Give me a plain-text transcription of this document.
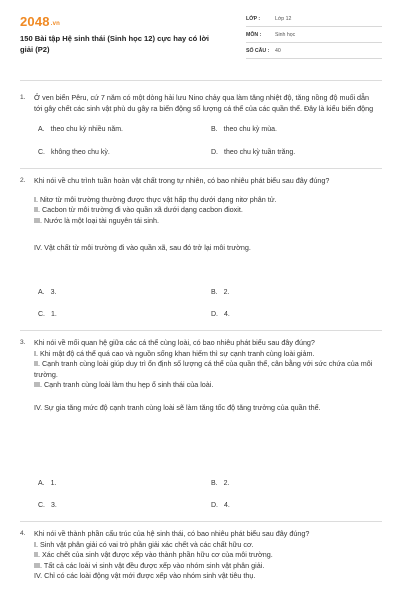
2048.vn
150 Bài tập Hệ sinh thái (Sinh học 12) cực hay có lời giải (P2)
LỚP :	Lớp 12
MÔN :	Sinh học
SỐ CÂU : 40
1. Ở ven biển Pêru, cứ 7 năm có một dòng hải lưu Nino chảy qua làm tăng nhiệt độ, tăng nồng độ muối dẫn tới gây chết các sinh vật phù du gây ra biến động số lượng cá thể của các quần thể. Đây là kiểu biến động
A. theo chu kỳ nhiều năm.	B. theo chu kỳ mùa.
C. không theo chu kỳ.	D. theo chu kỳ tuần trăng.
2. Khi nói về chu trình tuần hoàn vật chất trong tự nhiên, có bao nhiêu phát biểu sau đây đúng?
I. Nitơ từ môi trường thường được thực vật hấp thụ dưới dạng nitơ phân tử.
II. Cacbon từ môi trường đi vào quần xã dưới dạng cacbon đioxit.
III. Nước là một loại tài nguyên tái sinh.
IV. Vật chất từ môi trường đi vào quần xã, sau đó trở lại môi trường.
A. 3.	B. 2.
C. 1.	D. 4.
3. Khi nói về mối quan hệ giữa các cá thể cùng loài, có bao nhiêu phát biểu sau đây đúng?
I. Khi mật độ cá thể quá cao và nguồn sống khan hiếm thì sự cạnh tranh cùng loài giảm.
II. Cạnh tranh cùng loài giúp duy trì ổn định số lượng cá thể của quần thể, cân bằng với sức chứa của môi trường.
III. Cạnh tranh cùng loài làm thu hẹp ổ sinh thái của loài.
IV. Sự gia tăng mức độ cạnh tranh cùng loài sẽ làm tăng tốc độ tăng trưởng của quần thể.
A. 1.	B. 2.
C. 3.	D. 4.
4. Khi nói về thành phần cấu trúc của hệ sinh thái, có bao nhiêu phát biểu sau đây đúng?
I. Sinh vật phân giải có vai trò phân giải xác chết và các chất hữu cơ.
II. Xác chết của sinh vật được xếp vào thành phần hữu cơ của môi trường.
III. Tất cả các loài vi sinh vật đều được xếp vào nhóm sinh vật phân giải.
IV. Chỉ có các loài động vật mới được xếp vào nhóm sinh vật tiêu thụ.
